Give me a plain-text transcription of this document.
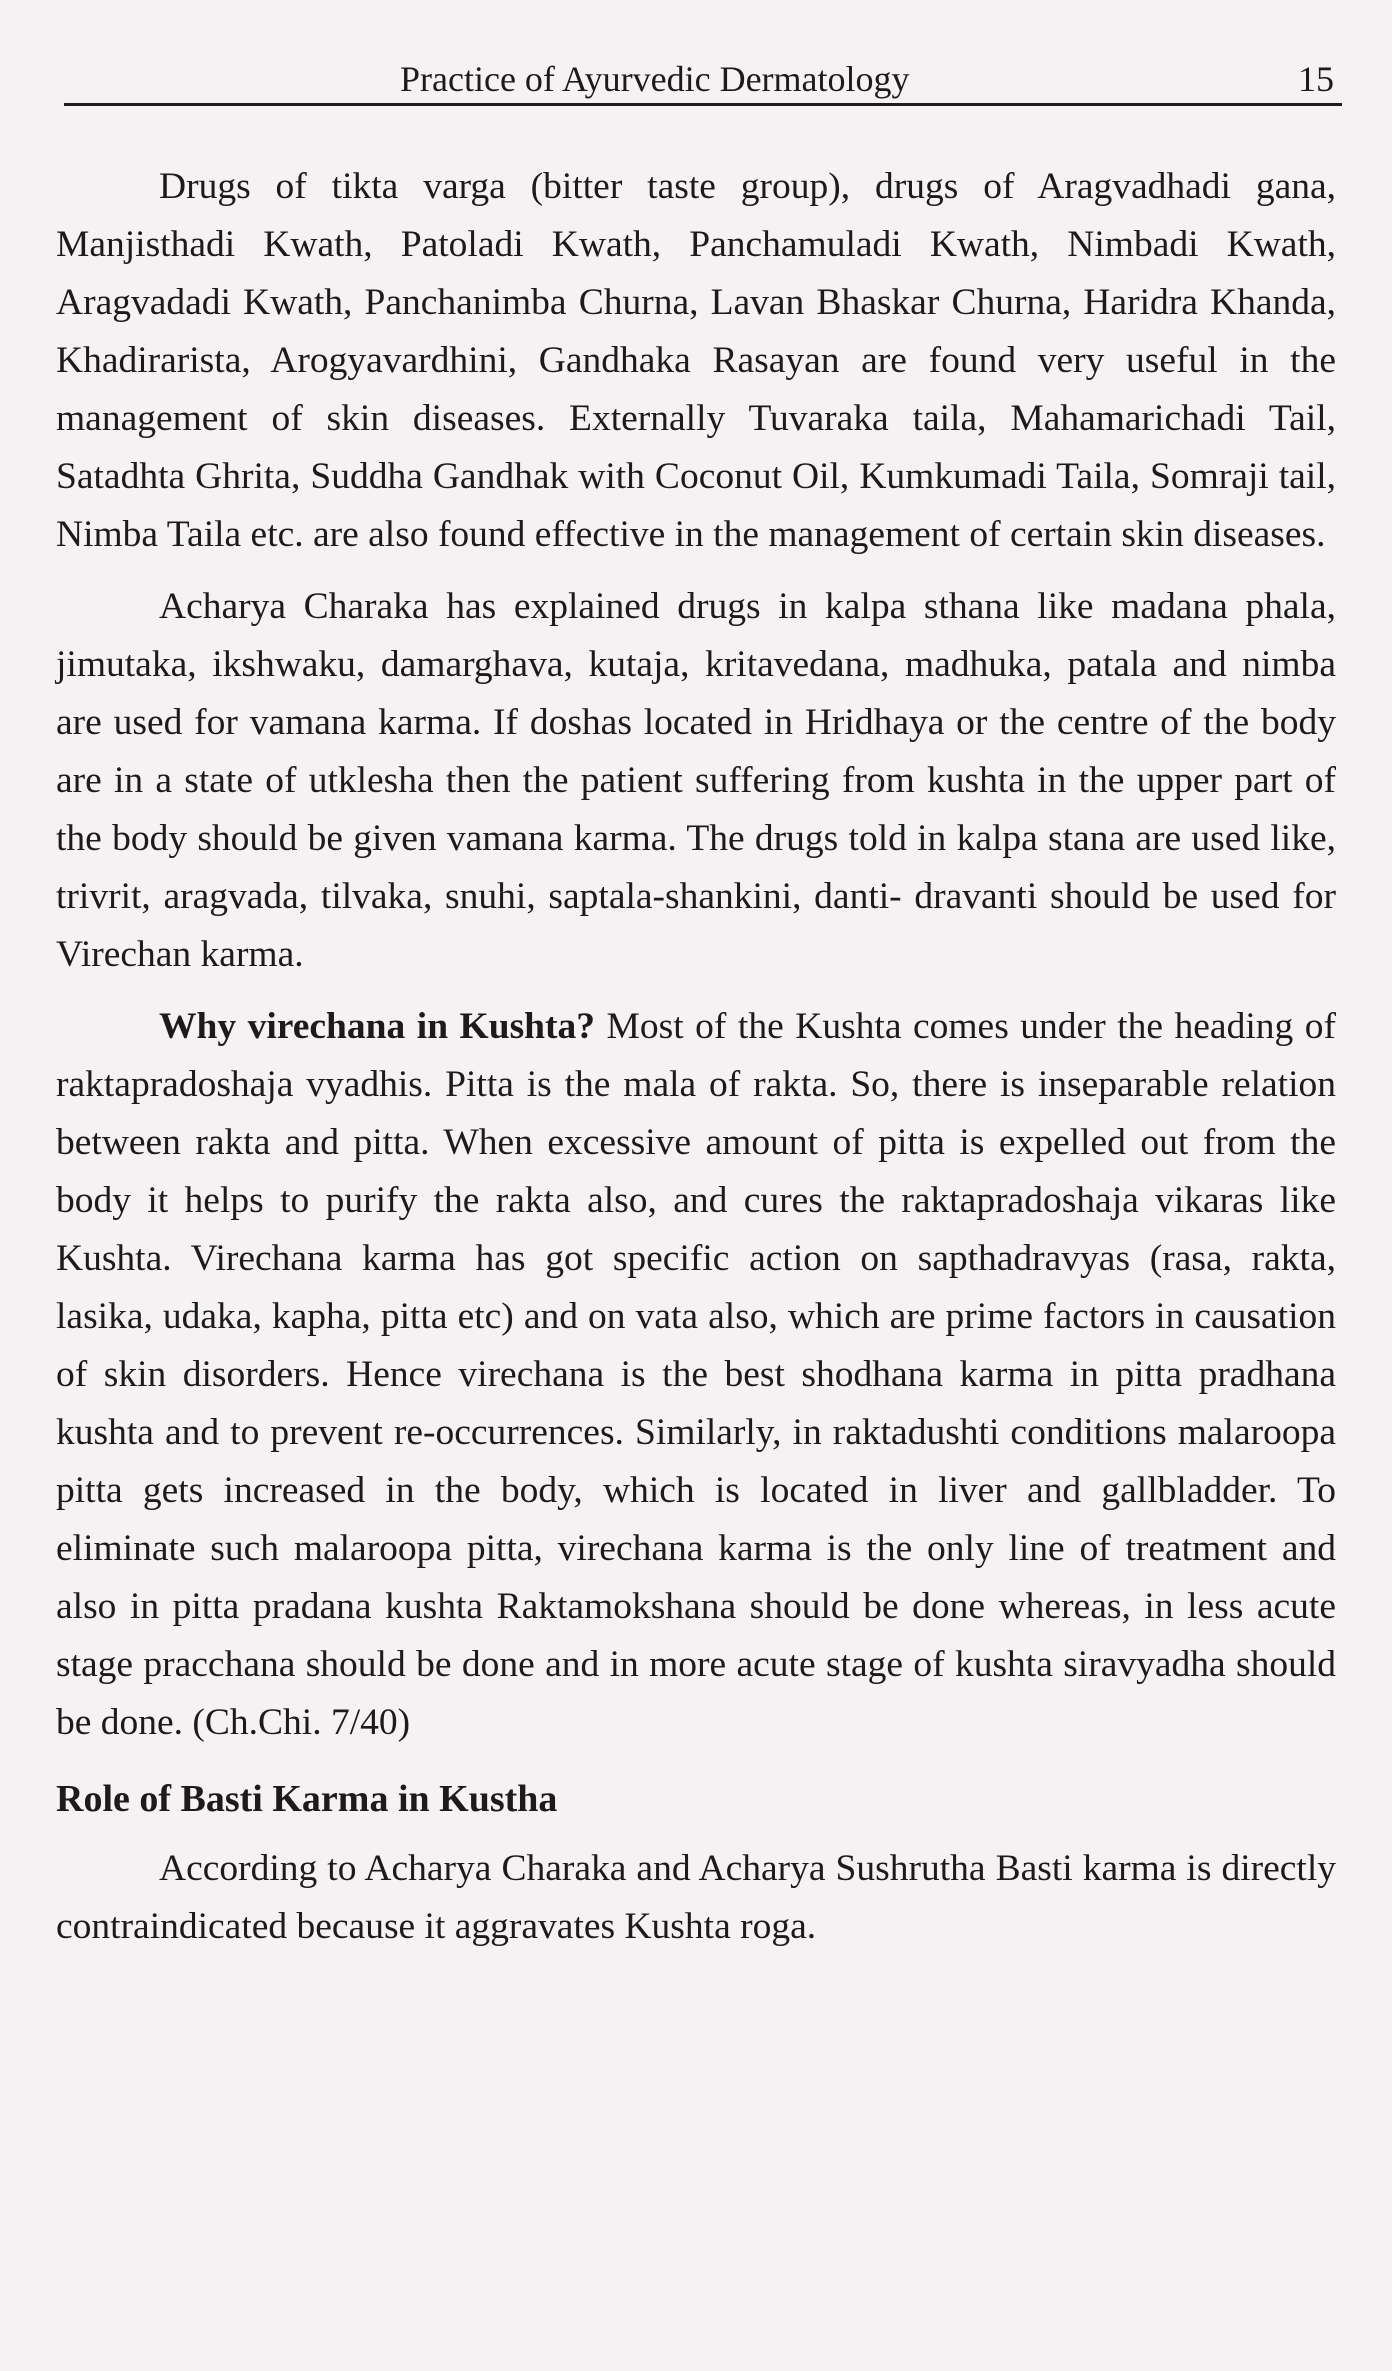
Practice of Ayurvedic Dermatology	15

Drugs of tikta varga (bitter taste group), drugs of Aragvadhadi gana, Manjisthadi Kwath, Patoladi Kwath, Panchamuladi Kwath, Nimbadi Kwath, Aragvadadi Kwath, Panchanimba Churna, Lavan Bhaskar Churna, Haridra Khanda, Khadirarista, Arogyavardhini, Gandhaka Rasayan are found very useful in the management of skin diseases. Externally Tuvaraka taila, Mahamarichadi Tail, Satadhta Ghrita, Suddha Gandhak with Coconut Oil, Kumkumadi Taila, Somraji tail, Nimba Taila etc. are also found effective in the management of certain skin diseases.

Acharya Charaka has explained drugs in kalpa sthana like madana phala, jimutaka, ikshwaku, damarghava, kutaja, kritavedana, madhuka, patala and nimba are used for vamana karma. If doshas located in Hridhaya or the centre of the body are in a state of utklesha then the patient suffering from kushta in the upper part of the body should be given vamana karma. The drugs told in kalpa stana are used like, trivrit, aragvada, tilvaka, snuhi, saptala-shankini, danti- dravanti should be used for Virechan karma.

Why virechana in Kushta? Most of the Kushta comes under the heading of raktapradoshaja vyadhis. Pitta is the mala of rakta. So, there is inseparable relation between rakta and pitta. When excessive amount of pitta is expelled out from the body it helps to purify the rakta also, and cures the raktapradoshaja vikaras like Kushta. Virechana karma has got specific action on sapthadravyas (rasa, rakta, lasika, udaka, kapha, pitta etc) and on vata also, which are prime factors in causation of skin disorders. Hence virechana is the best shodhana karma in pitta pradhana kushta and to prevent re-occurrences. Similarly, in raktadushti conditions malaroopa pitta gets increased in the body, which is located in liver and gallbladder. To eliminate such malaroopa pitta, virechana karma is the only line of treatment and also in pitta pradana kushta Raktamokshana should be done whereas, in less acute stage pracchana should be done and in more acute stage of kushta siravyadha should be done. (Ch.Chi. 7/40)

Role of Basti Karma in Kustha

According to Acharya Charaka and Acharya Sushrutha Basti karma is directly contraindicated because it aggravates Kushta roga.
